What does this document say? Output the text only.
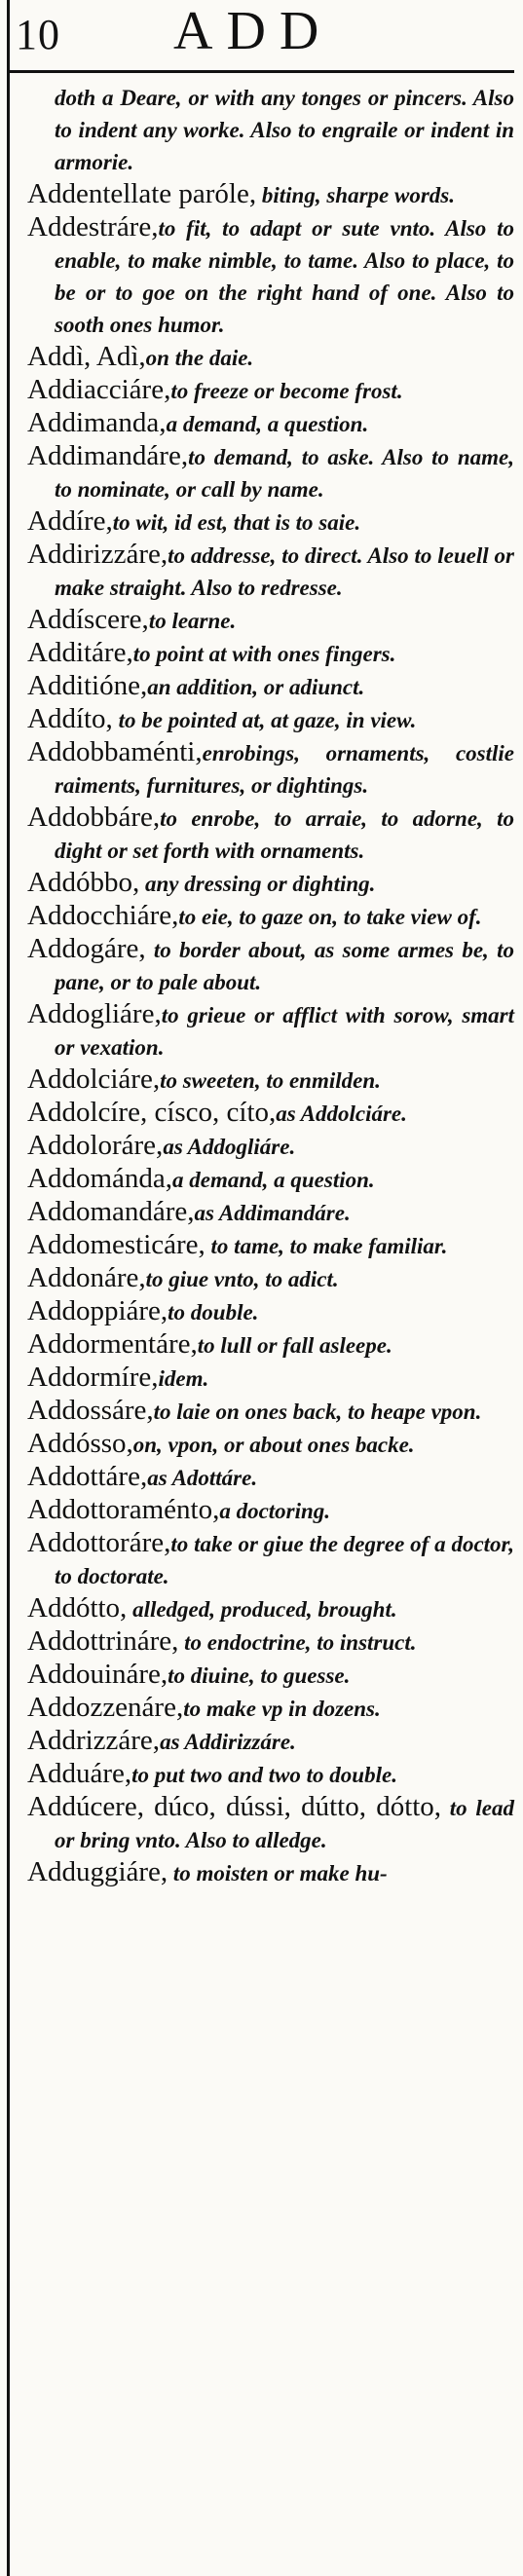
10 ADD

doth a Deare, or with any tonges or pincers. Also to indent any worke. Also to engraile or indent in armorie.

Addentellate paróle, biting, sharpe words.

Addestráre,to fit, to adapt or sute vnto. Also to enable, to make nimble, to tame. Also to place, to be or to goe on the right hand of one. Also to sooth ones humor.

Addì, Adì,on the daie.

Addiacciáre,to freeze or become frost.

Addimanda,a demand, a question.

Addimandáre,to demand, to aske. Also to name, to nominate, or call by name.

Addíre,to wit, id est, that is to saie.

Addirizzáre,to addresse, to direct. Also to leuell or make straight. Also to redresse.

Addíscere,to learne.

Additáre,to point at with ones fingers.

Additióne,an addition, or adiunct.

Addíto, to be pointed at, at gaze, in view.

Addobbaménti,enrobings, ornaments, costlie raiments, furnitures, or dightings.

Addobbáre,to enrobe, to arraie, to adorne, to dight or set forth with ornaments.

Addóbbo, any dressing or dighting.

Addocchiáre,to eie, to gaze on, to take view of.

Addogáre, to border about, as some armes be, to pane, or to pale about.

Addogliáre,to grieue or afflict with sorow, smart or vexation.

Addolciáre,to sweeten, to enmilden.

Addolcíre, císco, cíto,as Addolciáre.

Addoloráre,as Addogliáre.

Addománda,a demand, a question.

Addomandáre,as Addimandáre.

Addomesticáre, to tame, to make familiar.

Addonáre,to giue vnto, to adict.

Addoppiáre,to double.

Addormentáre,to lull or fall asleepe.

Addormíre,idem.

Addossáre,to laie on ones back, to heape vpon.

Addósso,on, vpon, or about ones backe.

Addottáre,as Adottáre.

Addottoraménto,a doctoring.

Addottoráre,to take or giue the degree of a doctor, to doctorate.

Addótto, alledged, produced, brought.

Addottrináre, to endoctrine, to instruct.

Addouináre,to diuine, to guesse.

Addozzenáre,to make vp in dozens.

Addrizzáre,as Addirizzáre.

Adduáre,to put two and two to double.

Addúcere, dúco, dússi, dútto, dótto, to lead or bring vnto. Also to alledge.

Adduggiáre, to moisten or make hu-
